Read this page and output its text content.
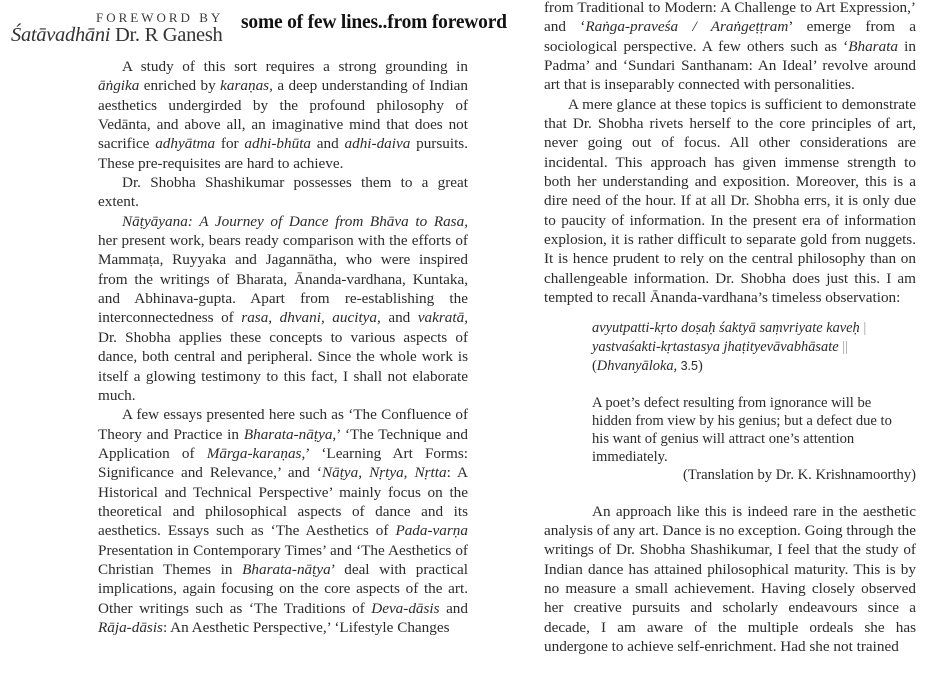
FOREWORD BY
Śatāvadhāni Dr. R Ganesh
some of few lines..from foreword

A study of this sort requires a strong grounding in āṅgika enriched by karaṇas, a deep understanding of Indian aesthetics undergirded by the profound philosophy of Vedānta, and above all, an imaginative mind that does not sacrifice adhyātma for adhi-bhūta and adhi-daiva pursuits. These pre-requisites are hard to achieve.

Dr. Shobha Shashikumar possesses them to a great extent.

Nāṭyāyana: A Journey of Dance from Bhāva to Rasa, her present work, bears ready comparison with the efforts of Mammaṭa, Ruyyaka and Jagannātha, who were inspired from the writings of Bharata, Ānanda-vardhana, Kuntaka, and Abhinava-gupta. Apart from re-establishing the interconnectedness of rasa, dhvani, aucitya, and vakratā, Dr. Shobha applies these concepts to various aspects of dance, both central and peripheral. Since the whole work is itself a glowing testimony to this fact, I shall not elaborate much.

A few essays presented here such as ‘The Confluence of Theory and Practice in Bharata-nāṭya,’ ‘The Technique and Application of Mārga-karaṇas,’ ‘Learning Art Forms: Significance and Relevance,’ and ‘Nāṭya, Nṛtya, Nṛtta: A Historical and Technical Perspective’ mainly focus on the theoretical and philosophical aspects of dance and its aesthetics. Essays such as ‘The Aesthetics of Pada-varṇa Presentation in Contemporary Times’ and ‘The Aesthetics of Christian Themes in Bharata-nāṭya’ deal with practical implications, again focusing on the core aspects of the art. Other writings such as ‘The Traditions of Deva-dāsis and Rāja-dāsis: An Aesthetic Perspective,’ ‘Lifestyle Changes

from Traditional to Modern: A Challenge to Art Expression,’ and ‘Raṅga-praveśa / Araṅgeṭṭram’ emerge from a sociological perspective. A few others such as ‘Bharata in Padma’ and ‘Sundari Santhanam: An Ideal’ revolve around art that is inseparably connected with personalities.

A mere glance at these topics is sufficient to demonstrate that Dr. Shobha rivets herself to the core principles of art, never going out of focus. All other considerations are incidental. This approach has given immense strength to both her understanding and exposition. Moreover, this is a dire need of the hour. If at all Dr. Shobha errs, it is only due to paucity of information. In the present era of information explosion, it is rather difficult to separate gold from nuggets. It is hence prudent to rely on the central philosophy than on challengeable information. Dr. Shobha does just this. I am tempted to recall Ānanda-vardhana’s timeless observation:

avyutpatti-kṛto doṣaḥ śaktyā saṃvriyate kaveḥ |
yastvaśakti-kṛtastasya jhaṭityevāvabhāsate ||
(Dhvanyāloka, 3.5)
A poet’s defect resulting from ignorance will be hidden from view by his genius; but a defect due to his want of genius will attract one’s attention immediately.
(Translation by Dr. K. Krishnamoorthy)

An approach like this is indeed rare in the aesthetic analysis of any art. Dance is no exception. Going through the writings of Dr. Shobha Shashikumar, I feel that the study of Indian dance has attained philosophical maturity. This is by no measure a small achievement. Having closely observed her creative pursuits and scholarly endeavours since a decade, I am aware of the multiple ordeals she has undergone to achieve self-enrichment. Had she not trained
